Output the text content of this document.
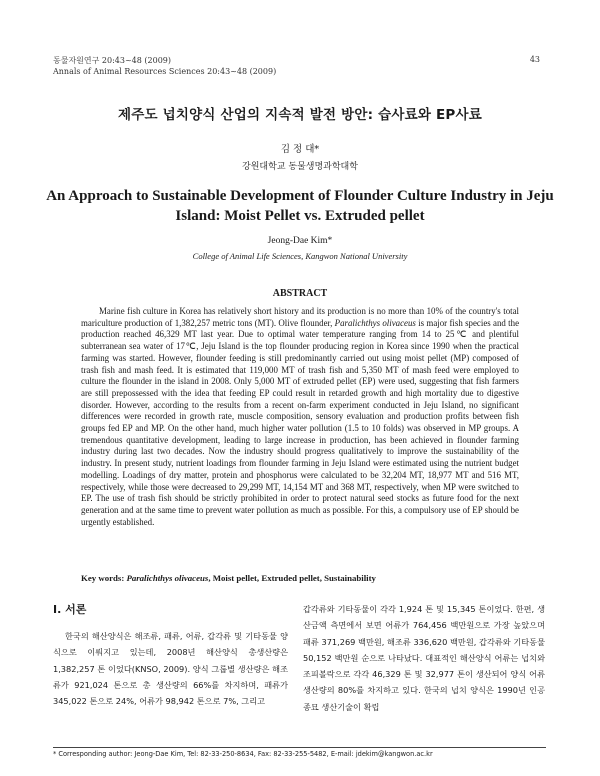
동물자원연구 20:43~48 (2009)
Annals of Animal Resources Sciences 20:43~48 (2009)
43
제주도 넙치양식 산업의 지속적 발전 방안: 습사료와 EP사료
김 정 대*
강원대학교 동물생명과학대학
An Approach to Sustainable Development of Flounder Culture Industry in Jeju Island: Moist Pellet vs. Extruded pellet
Jeong-Dae Kim*
College of Animal Life Sciences, Kangwon National University
ABSTRACT

Marine fish culture in Korea has relatively short history and its production is no more than 10% of the country's total mariculture production of 1,382,257 metric tons (MT). Olive flounder, Paralichthys olivaceus is major fish species and the production reached 46,329 MT last year. Due to optimal water temperature ranging from 14 to 25℃ and plentiful subterranean sea water of 17℃, Jeju Island is the top flounder producing region in Korea since 1990 when the practical farming was started. However, flounder feeding is still predominantly carried out using moist pellet (MP) composed of trash fish and mash feed. It is estimated that 119,000 MT of trash fish and 5,350 MT of mash feed were employed to culture the flounder in the island in 2008. Only 5,000 MT of extruded pellet (EP) were used, suggesting that fish farmers are still prepossessed with the idea that feeding EP could result in retarded growth and high mortality due to digestive disorder. However, according to the results from a recent on-farm experiment conducted in Jeju Island, no significant differences were recorded in growth rate, muscle composition, sensory evaluation and production profits between fish groups fed EP and MP. On the other hand, much higher water pollution (1.5 to 10 folds) was observed in MP groups. A tremendous quantitative development, leading to large increase in production, has been achieved in flounder farming industry during last two decades. Now the industry should progress qualitatively to improve the sustainability of the industry. In present study, nutrient loadings from flounder farming in Jeju Island were estimated using the nutrient budget modelling. Loadings of dry matter, protein and phosphorus were calculated to be 32,204 MT, 18,977 MT and 516 MT, respectively, while those were decreased to 29,299 MT, 14,154 MT and 368 MT, respectively, when MP were switched to EP. The use of trash fish should be strictly prohibited in order to protect natural seed stocks as future food for the next generation and at the same time to prevent water pollution as much as possible. For this, a compulsory use of EP should be urgently established.

Key words: Paralichthys olivaceus, Moist pellet, Extruded pellet, Sustainability
Ⅰ. 서론

한국의 해산양식은 해조류, 패류, 어류, 갑각류 및 기타동물 양식으로 이뤄지고 있는데, 2008년 해산양식 총생산량은 1,382,257 톤 이었다(KNSO, 2009). 양식 그룹별 생산량은 해조류가 921,024 톤으로 총 생산량의 66%를 차지하며, 패류가 345,022 톤으로 24%, 어류가 98,942 톤으로 7%, 그리고

갑각류와 기타동물이 각각 1,924 톤 및 15,345 톤이었다. 한편, 생산금액 측면에서 보면 어류가 764,456 백만원으로 가장 높았으며 패류 371,269 백만원, 해조류 336,620 백만원, 갑각류와 기타동물 50,152 백만원 순으로 나타났다. 대표적인 해산양식 어류는 넙치와 조피볼락으로 각각 46,329 톤 및 32,977 톤이 생산되어 양식 어류 생산량의 80%를 차지하고 있다. 한국의 넙치 양식은 1990년 인공종묘 생산기술이 확립

* Corresponding author: Jeong-Dae Kim, Tel: 82-33-250-8634, Fax: 82-33-255-5482, E-mail: jdekim@kangwon.ac.kr
